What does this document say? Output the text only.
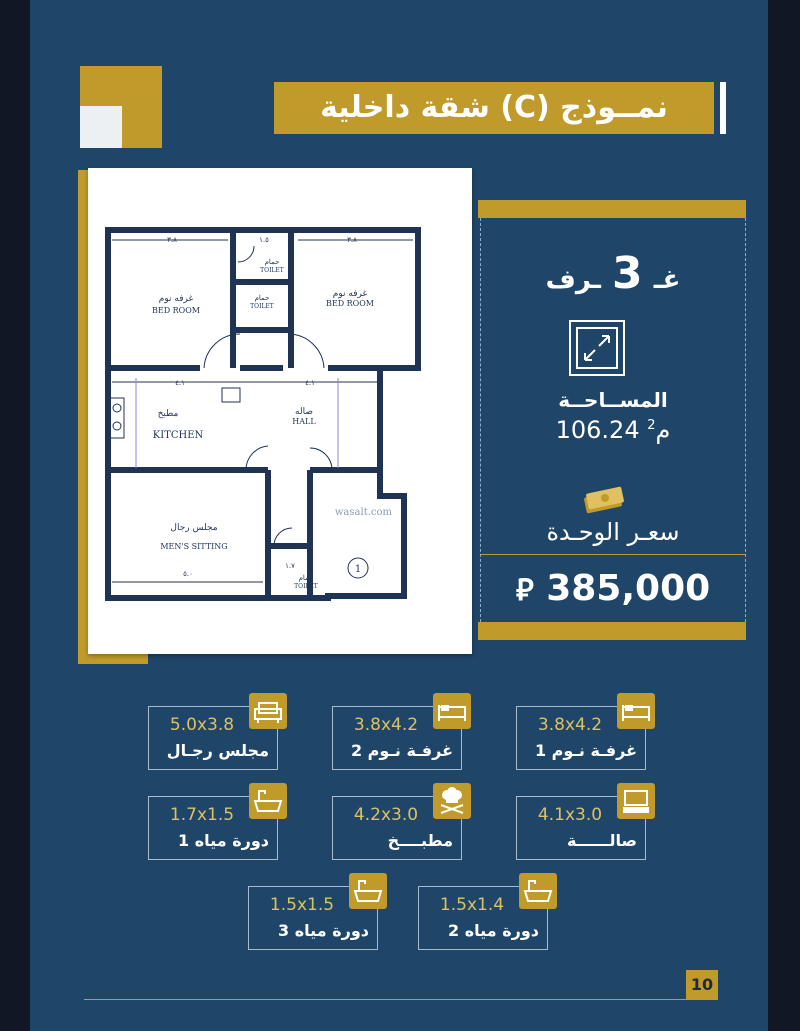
نمــوذج (C) شقة داخلية
غرفه نوم
BED ROOM
غرفه نوم
BED ROOM
حمام
TOILET
حمام
TOILET
مطبخ
KITCHEN
صاله
HALL
مجلس رجال
MEN'S SITTING
حمام
TOILET
٣.٨	١.٥	٣.٨
٤.١	٤.١
٥.٠
١.٧
wasalt.com
1
غـ 3 ـرف
المســاحــة
106.24 م$^2$
سعـر الوحـدة
⃁ 385,000
3.8x4.2
غرفـة نـوم 1
3.8x4.2
غرفـة نـوم 2
5.0x3.8
مجلس رجـال
4.1x3.0
صالــــــة
4.2x3.0
مطبــــخ
1.7x1.5
دورة مياه 1
1.5x1.4
دورة مياه 2
1.5x1.5
دورة مياه 3
10
